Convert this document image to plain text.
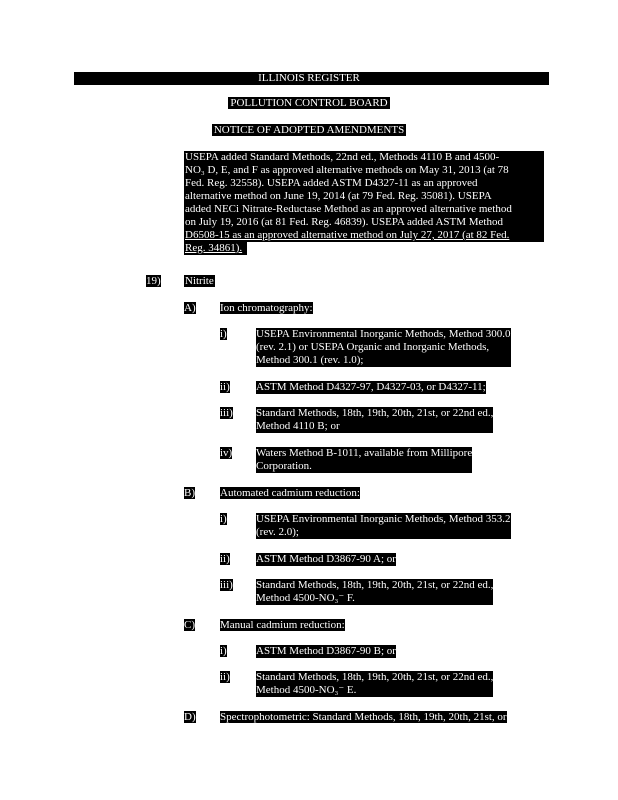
ILLINOIS REGISTER
POLLUTION CONTROL BOARD
NOTICE OF ADOPTED AMENDMENTS
USEPA added Standard Methods, 22nd ed., Methods 4110 B and 4500-
NO₃ D, E, and F as approved alternative methods on May 31, 2013 (at 78
Fed. Reg. 32558). USEPA added ASTM D4327-11 as an approved
alternative method on June 19, 2014 (at 79 Fed. Reg. 35081). USEPA
added NECi Nitrate-Reductase Method as an approved alternative method
on July 19, 2016 (at 81 Fed. Reg. 46839). USEPA added ASTM Method
D6508-15 as an approved alternative method on July 27, 2017 (at 82 Fed.
Reg. 34861).
19) Nitrite
A) Ion chromatography:
i)	USEPA Environmental Inorganic Methods, Method 300.0
(rev. 2.1) or USEPA Organic and Inorganic Methods,
Method 300.1 (rev. 1.0);
ii) ASTM Method D4327-97, D4327-03, or D4327-11;
iii) Standard Methods, 18th, 19th, 20th, 21st, or 22nd ed.,
Method 4110 B; or
iv) Waters Method B-1011, available from Millipore
Corporation.
B) Automated cadmium reduction:
i)	USEPA Environmental Inorganic Methods, Method 353.2
(rev. 2.0);
ii) ASTM Method D3867-90 A; or
iii) Standard Methods, 18th, 19th, 20th, 21st, or 22nd ed.,
Method 4500-NO₃⁻ F.
C) Manual cadmium reduction:
i)	ASTM Method D3867-90 B; or
ii) Standard Methods, 18th, 19th, 20th, 21st, or 22nd ed.,
Method 4500-NO₃⁻ E.
D) Spectrophotometric: Standard Methods, 18th, 19th, 20th, 21st, or
